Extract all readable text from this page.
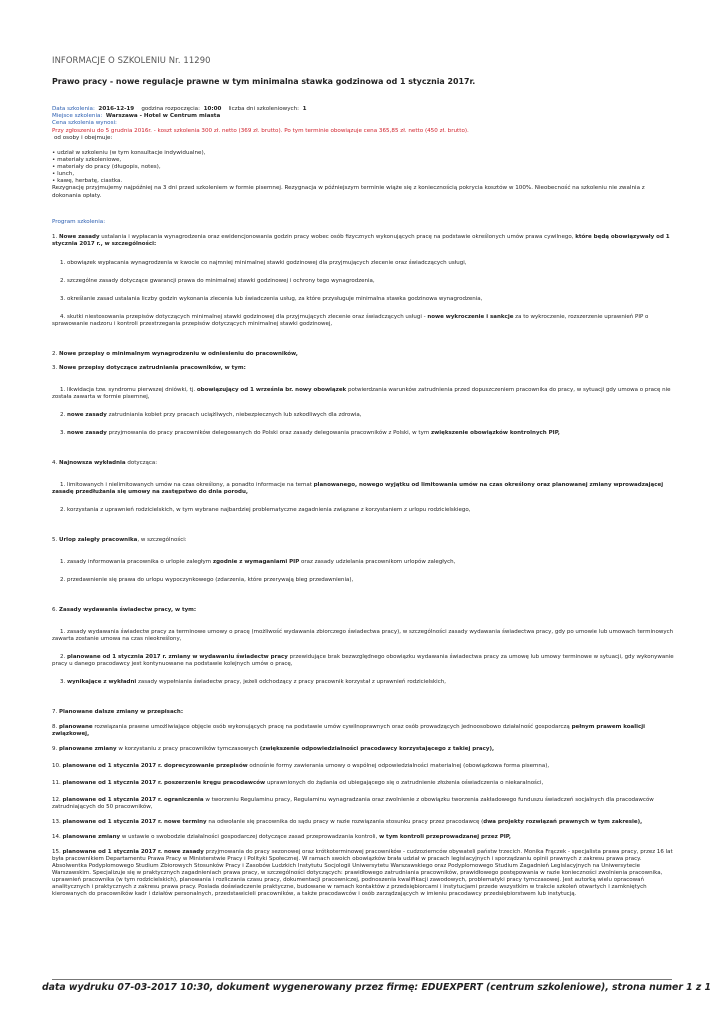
INFORMACJE O SZKOLENIU Nr. 11290
Prawo pracy - nowe regulacje prawne w tym minimalna stawka godzinowa od 1 stycznia 2017r.
Data szkolenia: 2016-12-19 godzina rozpoczęcia: 10:00 liczba dni szkoleniowych: 1
Miejsce szkolenia: Warszawa - Hotel w Centrum miasta
Cena szkolenia wynosi:
Przy zgłoszeniu do 5 grudnia 2016r. - koszt szkolenia 300 zł. netto (369 zł. brutto). Po tym terminie obowiązuje cena 365,85 zł. netto (450 zł. brutto).
od osoby i obejmuje:
• udział w szkoleniu (w tym konsultacje indywidualne),
• materiały szkoleniowe,
• materiały do pracy (długopis, notes),
• lunch,
• kawę, herbatę, ciastka.
Rezygnację przyjmujemy najpóźniej na 3 dni przed szkoleniem w formie pisemnej. Rezygnacja w późniejszym terminie wiąże się z koniecznością pokrycia kosztów w 100%. Nieobecność na szkoleniu nie zwalnia z dokonania opłaty.
Program szkolenia:
1. Nowe zasady ustalania i wypłacania wynagrodzenia oraz ewidencjonowania godzin pracy wobec osób fizycznych wykonujących pracę na podstawie określonych umów prawa cywilnego, które będą obowiązywały od 1 stycznia 2017 r., w szczególności:
1. obowiązek wypłacania wynagrodzenia w kwocie co najmniej minimalnej stawki godzinowej dla przyjmujących zlecenie oraz świadczących usługi,
2. szczególne zasady dotyczące gwarancji prawa do minimalnej stawki godzinowej i ochrony tego wynagrodzenia,
3. określanie zasad ustalania liczby godzin wykonania zlecenia lub świadczenia usług, za które przysługuje minimalna stawka godzinowa wynagrodzenia,
4. skutki niestosowania przepisów dotyczących minimalnej stawki godzinowej dla przyjmujących zlecenie oraz świadczących usługi - nowe wykroczenie i sankcje za to wykroczenie, rozszerzenie uprawnień PIP o sprawowanie nadzoru i kontroli przestrzegania przepisów dotyczących minimalnej stawki godzinowej,
2. Nowe przepisy o minimalnym wynagrodzeniu w odniesieniu do pracowników,
3. Nowe przepisy dotyczące zatrudniania pracowników, w tym:
1. likwidacja tzw. syndromu pierwszej dniówki, tj. obowiązujący od 1 września br. nowy obowiązek potwierdzania warunków zatrudnienia przed dopuszczeniem pracownika do pracy, w sytuacji gdy umowa o pracę nie została zawarta w formie pisemnej,
2. nowe zasady zatrudniania kobiet przy pracach uciążliwych, niebezpiecznych lub szkodliwych dla zdrowia,
3. nowe zasady przyjmowania do pracy pracowników delegowanych do Polski oraz zasady delegowania pracowników z Polski, w tym zwiększenie obowiązków kontrolnych PIP,
4. Najnowsza wykładnia dotycząca:
1. limitowanych i nielimitowanych umów na czas określony, a ponadto informacje na temat planowanego, nowego wyjątku od limitowania umów na czas określony oraz planowanej zmiany wprowadzającej zasadę przedłużania się umowy na zastępstwo do dnia porodu,
2. korzystania z uprawnień rodzicielskich, w tym wybrane najbardziej problematyczne zagadnienia związane z korzystaniem z urlopu rodzicielskiego,
5. Urlop zaległy pracownika, w szczególności:
1. zasady informowania pracownika o urlopie zaległym zgodnie z wymaganiami PIP oraz zasady udzielania pracownikom urlopów zaległych,
2. przedawnienie się prawa do urlopu wypoczynkowego (zdarzenia, które przerywają bieg przedawnienia),
6. Zasady wydawania świadectw pracy, w tym:
1. zasady wydawania świadectw pracy za terminowe umowy o pracę (możliwość wydawania zbiorczego świadectwa pracy), w szczególności zasady wydawania świadectwa pracy, gdy po umowie lub umowach terminowych zawarta zostanie umowa na czas nieokreślony,
2. planowane od 1 stycznia 2017 r. zmiany w wydawaniu świadectw pracy przewidujące brak bezwzględnego obowiązku wydawania świadectwa pracy za umowę lub umowy terminowe w sytuacji, gdy wykonywanie pracy u danego pracodawcy jest kontynuowane na podstawie kolejnych umów o pracę,
3. wynikające z wykładni zasady wypełniania świadectw pracy, jeżeli odchodzący z pracy pracownik korzystał z uprawnień rodzicielskich,
7. Planowane dalsze zmiany w przepisach:
8. planowane rozwiązania prawne umożliwiające objęcie osób wykonujących pracę na podstawie umów cywilnoprawnych oraz osób prowadzących jednoosobowo działalność gospodarczą pełnym prawem koalicji związkowej,
9. planowane zmiany w korzystaniu z pracy pracowników tymczasowych (zwiększenie odpowiedzialności pracodawcy korzystającego z takiej pracy),
10. planowane od 1 stycznia 2017 r. doprecyzowanie przepisów odnośnie formy zawierania umowy o wspólnej odpowiedzialności materialnej (obowiązkowa forma pisemna),
11. planowane od 1 stycznia 2017 r. poszerzenie kręgu pracodawców uprawnionych do żądania od ubiegającego się o zatrudnienie złożenia oświadczenia o niekaralności,
12. planowane od 1 stycznia 2017 r. ograniczenia w tworzeniu Regulaminu pracy, Regulaminu wynagradzania oraz zwolnienie z obowiązku tworzenia zakładowego funduszu świadczeń socjalnych dla pracodawców zatrudniających do 50 pracowników,
13. planowane od 1 stycznia 2017 r. nowe terminy na odwołanie się pracownika do sądu pracy w razie rozwiązania stosunku pracy przez pracodawcę (dwa projekty rozwiązań prawnych w tym zakresie),
14. planowane zmiany w ustawie o swobodzie działalności gospodarczej dotyczące zasad przeprowadzania kontroli, w tym kontroli przeprowadzanej przez PIP,
15. planowane od 1 stycznia 2017 r. nowe zasady przyjmowania do pracy sezonowej oraz krótkoterminowej pracowników - cudzoziemców obywateli państw trzecich. Monika Frączek - specjalista prawa pracy, przez 16 lat była pracownikiem Departamentu Prawa Pracy w Ministerstwie Pracy i Polityki Społecznej. W ramach swoich obowiązków brała udział w pracach legislacyjnych i sporządzaniu opinii prawnych z zakresu prawa pracy. Absolwentka Podyplomowego Studium Zbiorowych Stosunków Pracy i Zasobów Ludzkich Instytutu Socjologii Uniwersytetu Warszawskiego oraz Podyplomowego Studium Zagadnień Legislacyjnych na Uniwersytecie Warszawskim. Specjalizuje się w praktycznych zagadnieniach prawa pracy, w szczególności dotyczących: prawidłowego zatrudniania pracowników, prawidłowego postępowania w razie konieczności zwolnienia pracownika, uprawnień pracownika (w tym rodzicielskich), planowania i rozliczania czasu pracy, dokumentacji pracowniczej, podnoszenia kwalifikacji zawodowych, problematyki pracy tymczasowej. Jest autorką wielu opracowań analitycznych i praktycznych z zakresu prawa pracy. Posiada doświadczenie praktyczne, budowane w ramach kontaktów z przedsiębiorcami i instytucjami przede wszystkim w trakcie szkoleń otwartych i zamkniętych kierowanych do pracowników kadr i działów personalnych, przedstawicieli pracowników, a także pracodawców i osób zarządzających w imieniu pracodawcy przedsiębiorstwem lub instytucją.
data wydruku 07-03-2017 10:30, dokument wygenerowany przez firmę: EDUEXPERT (centrum szkoleniowe), strona numer 1 z 1
